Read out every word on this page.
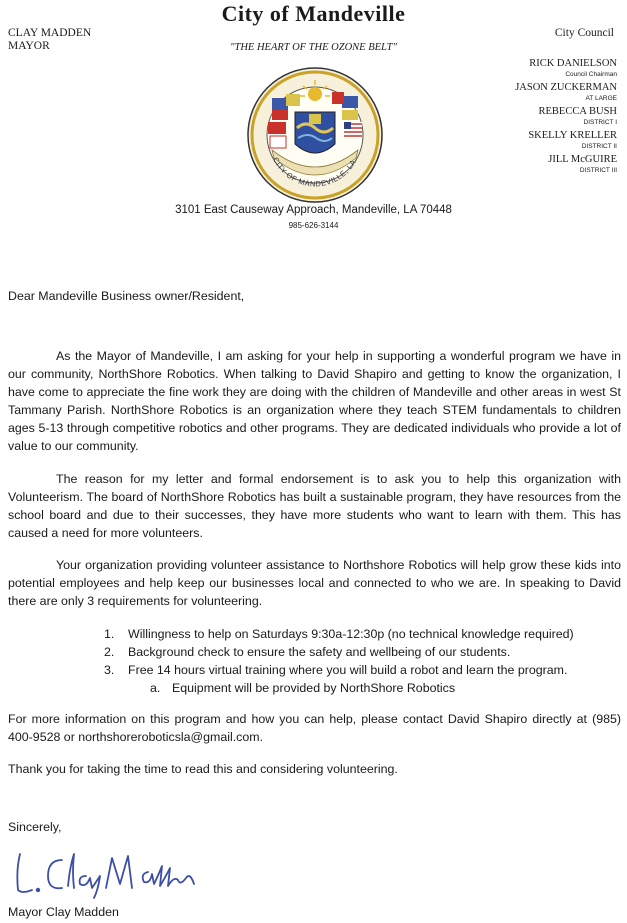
City of Mandeville
CLAY MADDEN
MAYOR
City Council
"THE HEART OF THE OZONE BELT"
RICK DANIELSON
Council Chairman
JASON ZUCKERMAN
AT LARGE
REBECCA BUSH
DISTRICT I
SKELLY KRELLER
DISTRICT II
JILL McGUIRE
DISTRICT III
CITY OF MANDEVILLE, LA.
3101 East Causeway Approach, Mandeville, LA 70448
985-626-3144
Dear Mandeville Business owner/Resident,
As the Mayor of Mandeville, I am asking for your help in supporting a wonderful program we have in our community, NorthShore Robotics. When talking to David Shapiro and getting to know the organization, I have come to appreciate the fine work they are doing with the children of Mandeville and other areas in west St Tammany Parish. NorthShore Robotics is an organization where they teach STEM fundamentals to children ages 5-13 through competitive robotics and other programs. They are dedicated individuals who provide a lot of value to our community.
The reason for my letter and formal endorsement is to ask you to help this organization with Volunteerism. The board of NorthShore Robotics has built a sustainable program, they have resources from the school board and due to their successes, they have more students who want to learn with them. This has caused a need for more volunteers.
Your organization providing volunteer assistance to Northshore Robotics will help grow these kids into potential employees and help keep our businesses local and connected to who we are. In speaking to David there are only 3 requirements for volunteering.
1.	Willingness to help on Saturdays 9:30a-12:30p (no technical knowledge required)
2.	Background check to ensure the safety and wellbeing of our students.
3.	Free 14 hours virtual training where you will build a robot and learn the program.
a. Equipment will be provided by NorthShore Robotics
For more information on this program and how you can help, please contact David Shapiro directly at (985) 400-9528 or northshoreroboticsla@gmail.com.
Thank you for taking the time to read this and considering volunteering.
Sincerely,
Mayor Clay Madden
